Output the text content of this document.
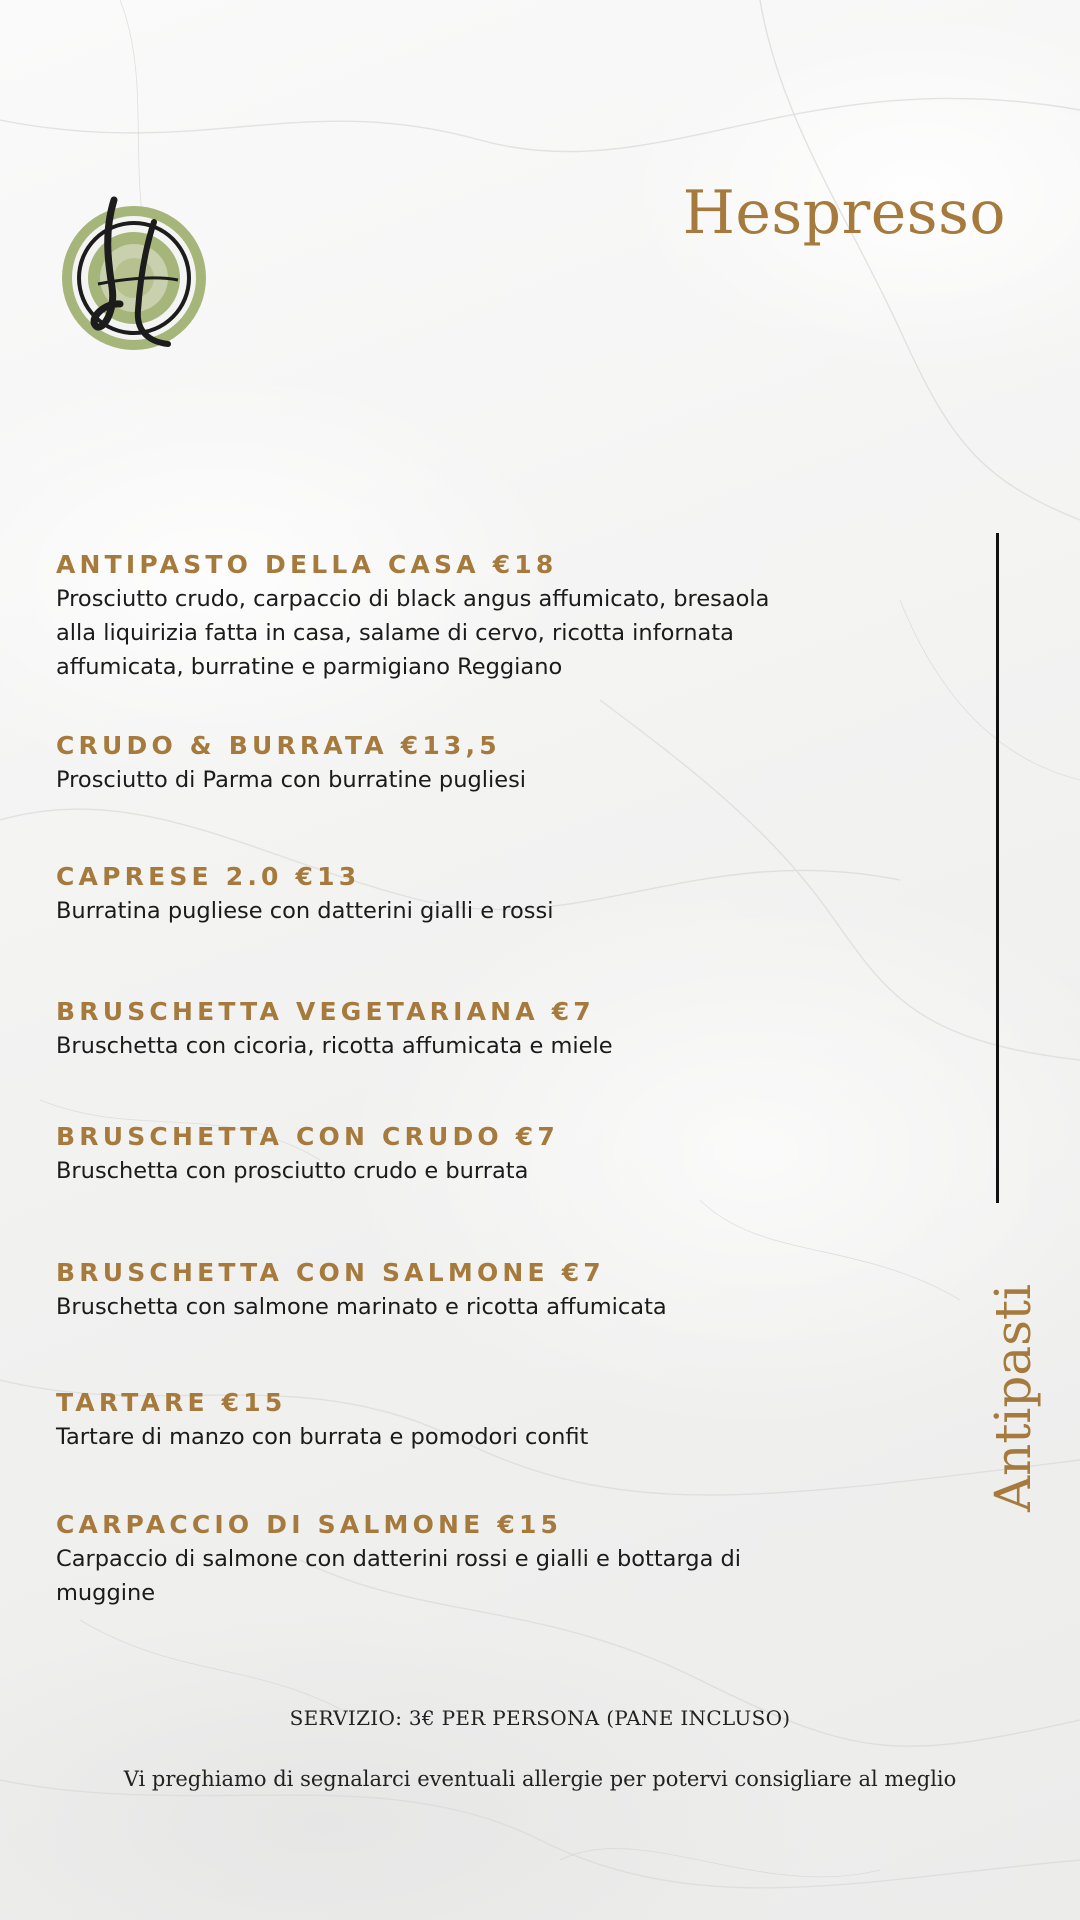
Hespresso

ANTIPASTO DELLA CASA €18

Prosciutto crudo, carpaccio di black angus affumicato, bresaola alla liquirizia fatta in casa, salame di cervo, ricotta infornata affumicata, burratine e parmigiano Reggiano

CRUDO & BURRATA €13,5

Prosciutto di Parma con burratine pugliesi

CAPRESE 2.0 €13

Burratina pugliese con datterini gialli e rossi

BRUSCHETTA VEGETARIANA €7

Bruschetta con cicoria, ricotta affumicata e miele

BRUSCHETTA CON CRUDO €7

Bruschetta con prosciutto crudo e burrata

BRUSCHETTA CON SALMONE €7

Bruschetta con salmone marinato e ricotta affumicata

TARTARE €15

Tartare di manzo con burrata e pomodori confit

CARPACCIO DI SALMONE €15

Carpaccio di salmone con datterini rossi e gialli e bottarga di muggine

Antipasti
SERVIZIO: 3€ PER PERSONA (PANE INCLUSO)
Vi preghiamo di segnalarci eventuali allergie per potervi consigliare al meglio
